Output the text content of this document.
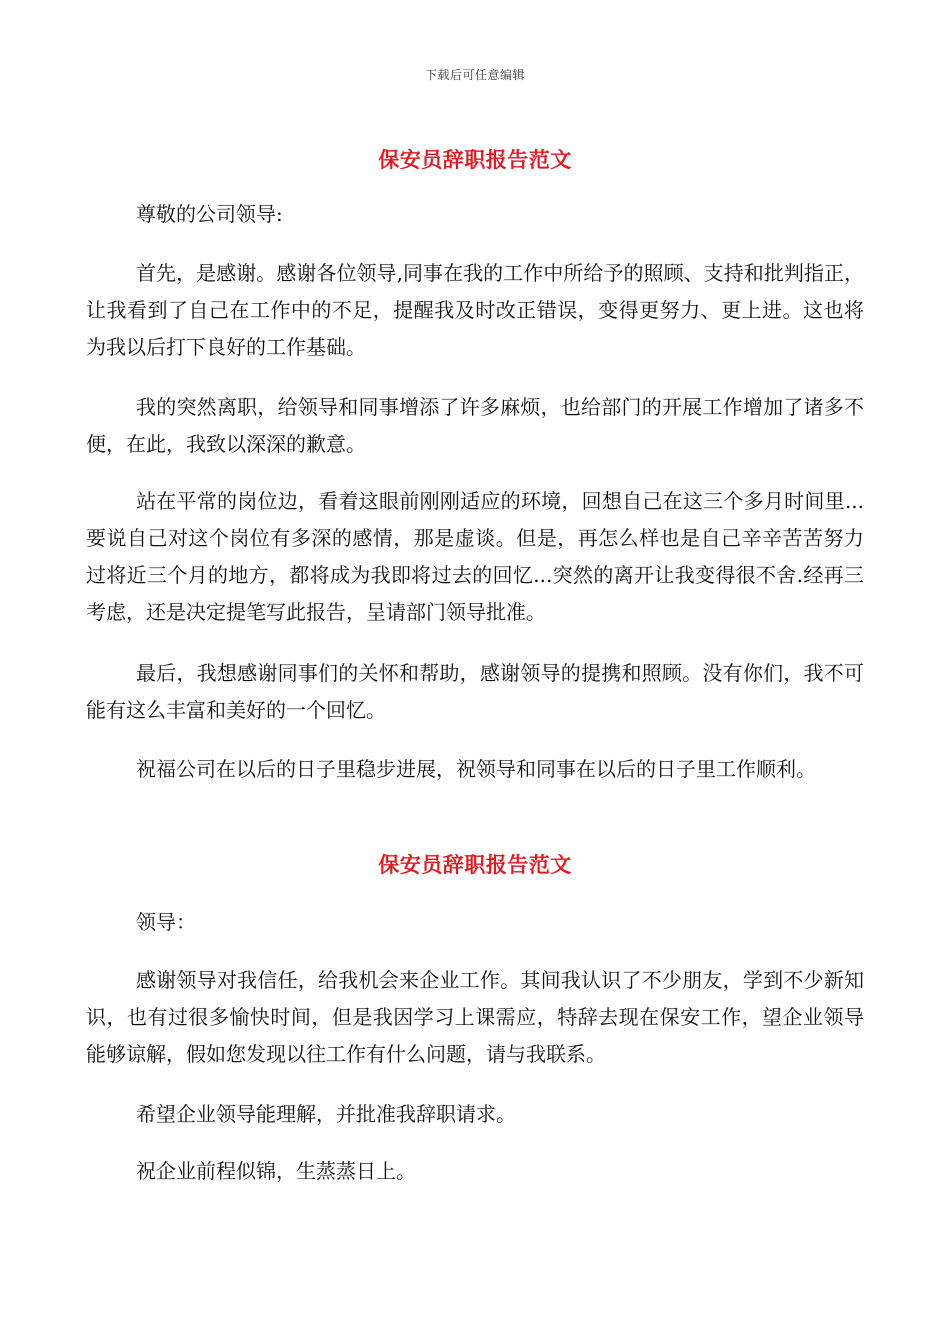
下载后可任意编辑
保安员辞职报告范文

尊敬的公司领导:

首先，是感谢。感谢各位领导,同事在我的工作中所给予的照顾、支持和批判指正，让我看到了自己在工作中的不足，提醒我及时改正错误，变得更努力、更上进。这也将为我以后打下良好的工作基础。

我的突然离职，给领导和同事增添了许多麻烦，也给部门的开展工作增加了诸多不便，在此，我致以深深的歉意。

站在平常的岗位边，看着这眼前刚刚适应的环境，回想自己在这三个多月时间里...要说自己对这个岗位有多深的感情，那是虚谈。但是，再怎么样也是自己辛辛苦苦努力过将近三个月的地方，都将成为我即将过去的回忆...突然的离开让我变得很不舍.经再三考虑，还是决定提笔写此报告，呈请部门领导批准。

最后，我想感谢同事们的关怀和帮助，感谢领导的提携和照顾。没有你们，我不可能有这么丰富和美好的一个回忆。

祝福公司在以后的日子里稳步进展，祝领导和同事在以后的日子里工作顺利。

保安员辞职报告范文

领导：

感谢领导对我信任，给我机会来企业工作。其间我认识了不少朋友，学到不少新知识，也有过很多愉快时间，但是我因学习上课需应，特辞去现在保安工作，望企业领导能够谅解，假如您发现以往工作有什么问题，请与我联系。

希望企业领导能理解，并批准我辞职请求。

祝企业前程似锦，生蒸蒸日上。
